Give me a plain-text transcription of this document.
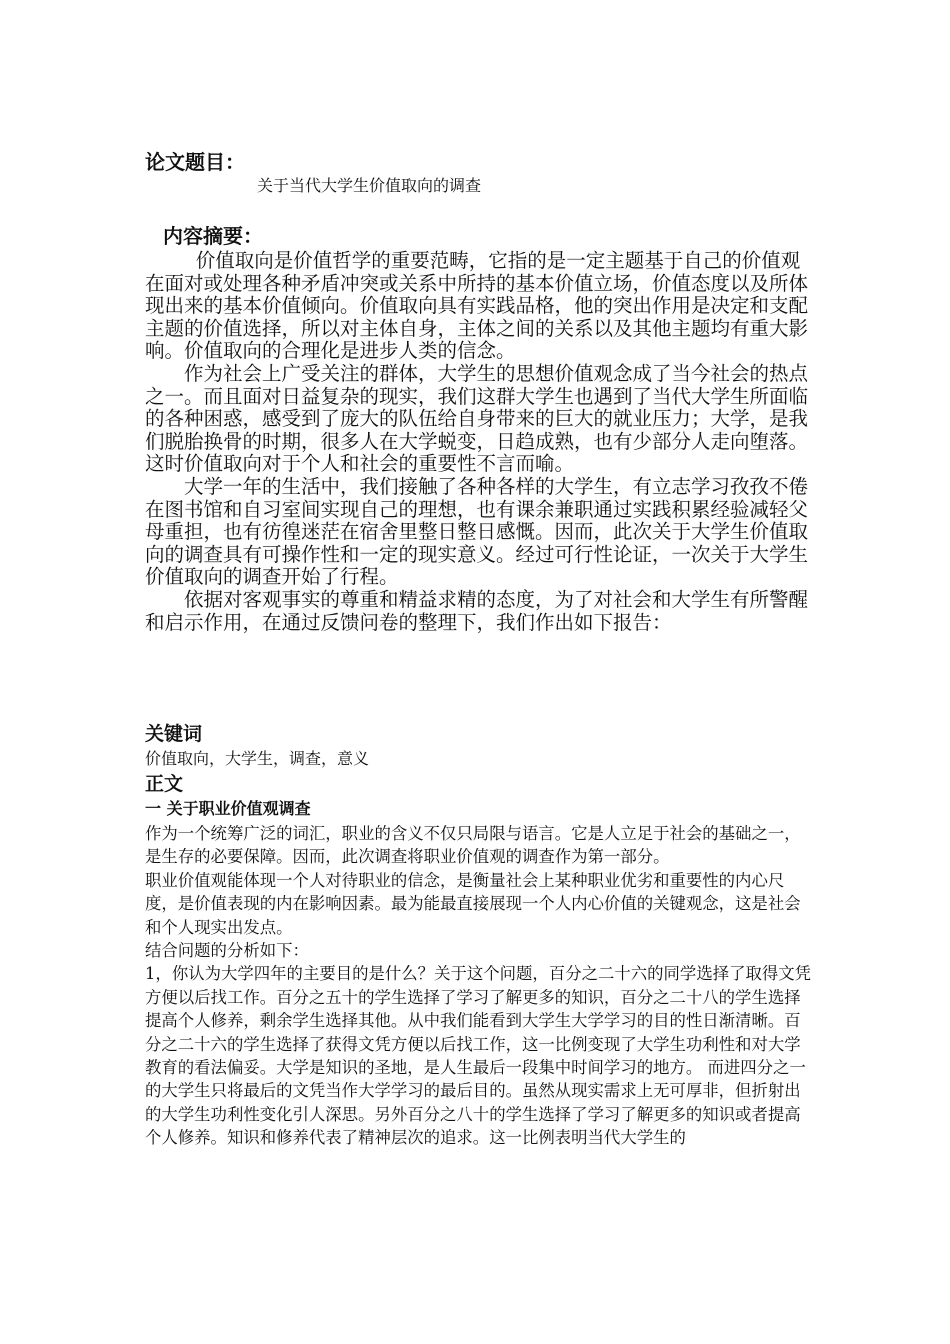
论文题目：
关于当代大学生价值取向的调查
内容摘要：

价值取向是价值哲学的重要范畴，它指的是一定主题基于自己的价值观在面对或处理各种矛盾冲突或关系中所持的基本价值立场，价值态度以及所体现出来的基本价值倾向。价值取向具有实践品格，他的突出作用是决定和支配主题的价值选择，所以对主体自身，主体之间的关系以及其他主题均有重大影响。价值取向的合理化是进步人类的信念。

作为社会上广受关注的群体，大学生的思想价值观念成了当今社会的热点之一。而且面对日益复杂的现实，我们这群大学生也遇到了当代大学生所面临的各种困惑，感受到了庞大的队伍给自身带来的巨大的就业压力；大学，是我们脱胎换骨的时期，很多人在大学蜕变，日趋成熟，也有少部分人走向堕落。这时价值取向对于个人和社会的重要性不言而喻。

大学一年的生活中，我们接触了各种各样的大学生，有立志学习孜孜不倦在图书馆和自习室间实现自己的理想，也有课余兼职通过实践积累经验减轻父母重担，也有彷徨迷茫在宿舍里整日整日感慨。因而，此次关于大学生价值取向的调查具有可操作性和一定的现实意义。经过可行性论证，一次关于大学生价值取向的调查开始了行程。

依据对客观事实的尊重和精益求精的态度，为了对社会和大学生有所警醒和启示作用，在通过反馈问卷的整理下，我们作出如下报告：

关键词
价值取向，大学生，调查，意义
正文
一 关于职业价值观调查

作为一个统筹广泛的词汇，职业的含义不仅只局限与语言。它是人立足于社会的基础之一，是生存的必要保障。因而，此次调查将职业价值观的调查作为第一部分。

职业价值观能体现一个人对待职业的信念，是衡量社会上某种职业优劣和重要性的内心尺度，是价值表现的内在影响因素。最为能最直接展现一个人内心价值的关键观念，这是社会和个人现实出发点。

结合问题的分析如下：

1，你认为大学四年的主要目的是什么？关于这个问题，百分之二十六的同学选择了取得文凭方便以后找工作。百分之五十的学生选择了学习了解更多的知识，百分之二十八的学生选择提高个人修养，剩余学生选择其他。从中我们能看到大学生大学学习的目的性日渐清晰。百分之二十六的学生选择了获得文凭方便以后找工作，这一比例变现了大学生功利性和对大学教育的看法偏妥。大学是知识的圣地，是人生最后一段集中时间学习的地方。 而进四分之一的大学生只将最后的文凭当作大学学习的最后目的。虽然从现实需求上无可厚非，但折射出的大学生功利性变化引人深思。另外百分之八十的学生选择了学习了解更多的知识或者提高个人修养。知识和修养代表了精神层次的追求。这一比例表明当代大学生的
